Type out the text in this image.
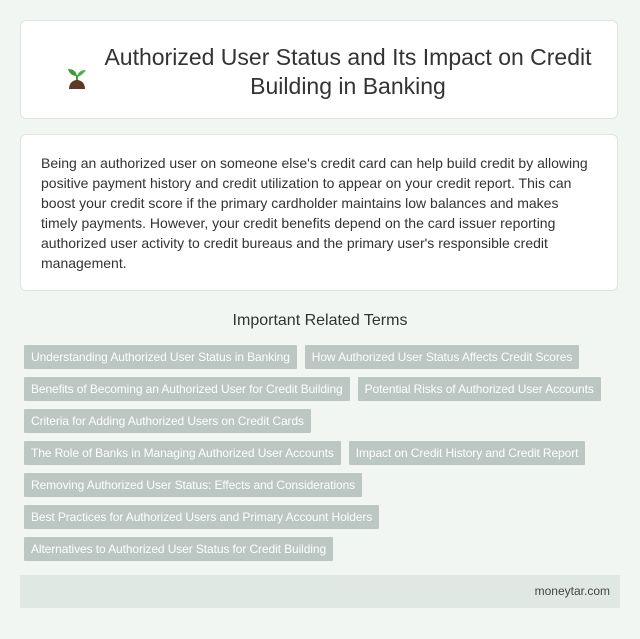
Authorized User Status and Its Impact on Credit Building in Banking

Being an authorized user on someone else's credit card can help build credit by allowing positive payment history and credit utilization to appear on your credit report. This can boost your credit score if the primary cardholder maintains low balances and makes timely payments. However, your credit benefits depend on the card issuer reporting authorized user activity to credit bureaus and the primary user's responsible credit management.

Important Related Terms
Understanding Authorized User Status in Banking	How Authorized User Status Affects Credit Scores
Benefits of Becoming an Authorized User for Credit Building	Potential Risks of Authorized User Accounts
Criteria for Adding Authorized Users on Credit Cards
The Role of Banks in Managing Authorized User Accounts	Impact on Credit History and Credit Report
Removing Authorized User Status: Effects and Considerations
Best Practices for Authorized Users and Primary Account Holders
Alternatives to Authorized User Status for Credit Building
moneytar.com
